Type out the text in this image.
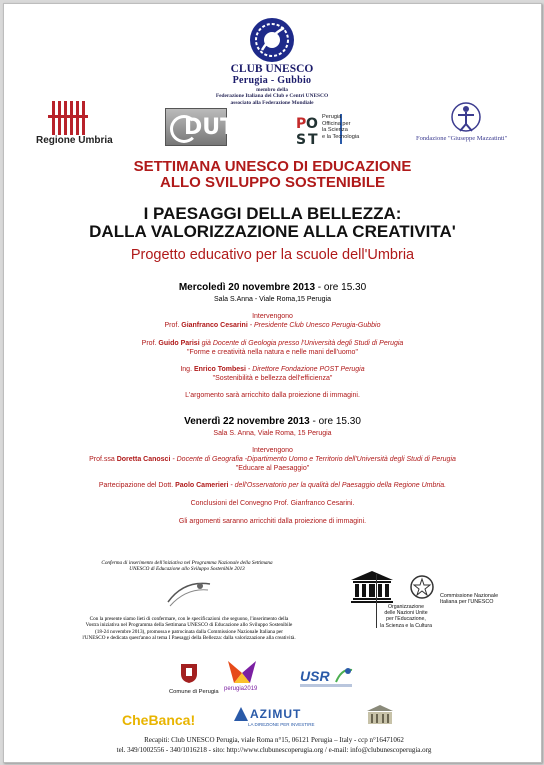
CLUB UNESCO
Perugia - Gubbio
membro della
Federazione Italiana dei Club e Centri UNESCO
associato alla Federazione Mondiale
Regione Umbria
DUT	P O
S T
Perugia
Officina per
la Scienza
e la Tecnologia	Fondazione "Giuseppe Mazzatinti"
SETTIMANA UNESCO DI EDUCAZIONE
ALLO SVILUPPO SOSTENIBILE
I PAESAGGI DELLA BELLEZZA:
DALLA VALORIZZAZIONE ALLA CREATIVITA'
Progetto educativo per la scuole dell'Umbria
Mercoledì 20 novembre 2013 - ore 15.30
Sala S.Anna - Viale Roma,15 Perugia
Intervengono
Prof. Gianfranco Cesarini - Presidente Club Unesco Perugia-Gubbio
Prof. Guido Parisi già Docente di Geologia presso l'Università degli Studi di Perugia
"Forme e creatività nella natura e nelle mani dell'uomo"
Ing. Enrico Tombesi - Direttore Fondazione POST Perugia
"Sostenibilità e bellezza dell'efficienza"
L'argomento sarà arricchito dalla proiezione di immagini.
Venerdì 22 novembre 2013 - ore 15.30
Sala S. Anna, Viale Roma, 15 Perugia
Intervengono
Prof.ssa Doretta Canosci - Docente di Geografia -Dipartimento Uomo e Territorio dell'Università degli Studi di Perugia
"Educare al Paesaggio"
Partecipazione del Dott. Paolo Camerieri - dell'Osservatorio per la qualità del Paesaggio della Regione Umbria.
Conclusioni del Convegno Prof. Gianfranco Cesarini.
Gli argomenti saranno arricchiti dalla proiezione di immagini.
Conferma di inserimento dell'iniziativa nel Programma Nazionale della Settimana
UNESCO di Educazione allo Sviluppo Sostenibile 2013
Con la presente siamo lieti di confermare, con le specificazioni che seguono, l'inserimento della
Vostra iniziativa nel Programma della Settimana UNESCO di Educazione allo Sviluppo Sostenibile
(18-24 novembre 2013), promossa e patrocinata dalla Commissione Nazionale Italiana per
l'UNESCO e dedicata quest'anno al tema I Paesaggi della Bellezza: dalla valorizzazione alla creatività.
Organizzazione
delle Nazioni Unite
per l'Educazione,
la Scienza e la Cultura
Commissione Nazionale
Italiana per l'UNESCO
Comune di Perugia perugia2019
USR
CheBanca!	AZIMUT
LA DIREZIONE PER INVESTIRE
Recapiti: Club UNESCO Perugia, viale Roma n°15, 06121 Perugia – Italy - ccp n°16471062
tel. 349/1002556 - 340/1016218 - sito: http://www.clubunescoperugia.org / e-mail: info@clubunescoperugia.org
